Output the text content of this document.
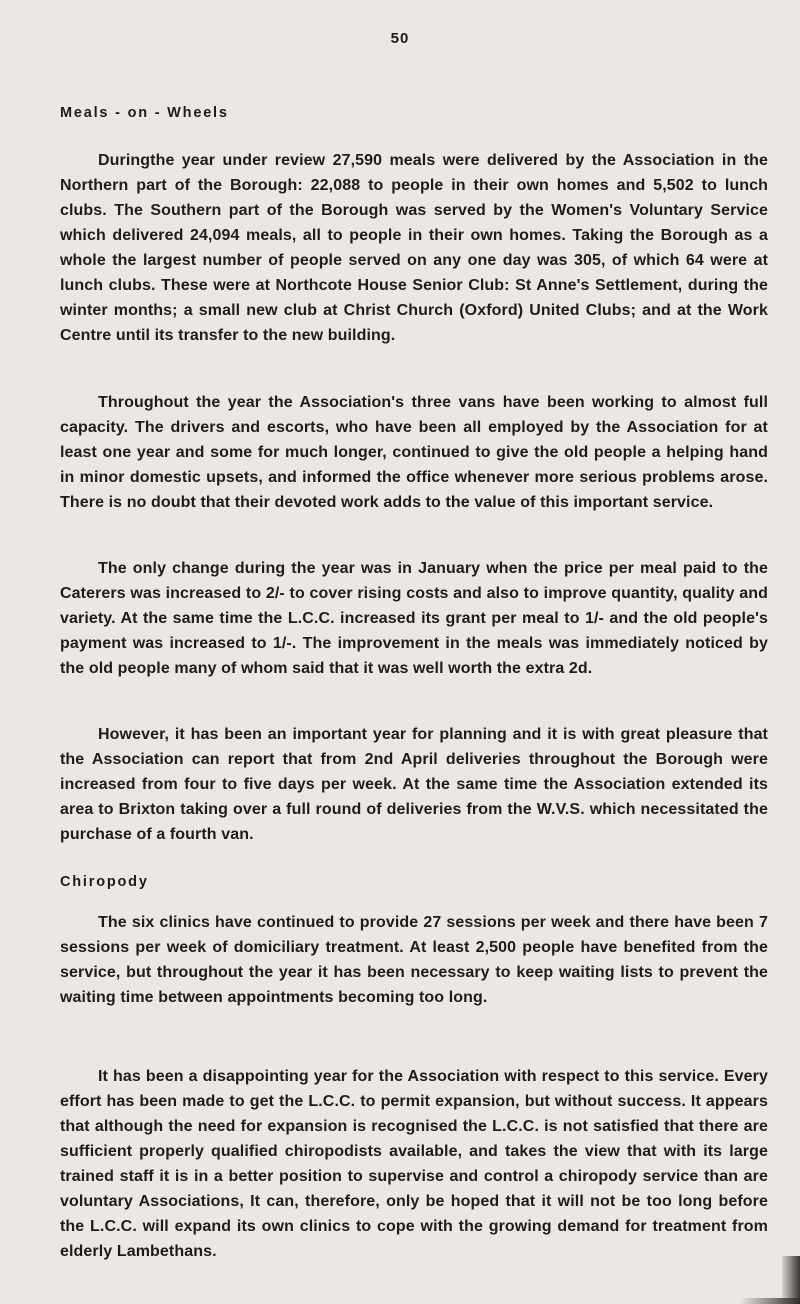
50
Meals - on - Wheels

Duringthe year under review 27,590 meals were delivered by the Association in the Northern part of the Borough: 22,088 to people in their own homes and 5,502 to lunch clubs. The Southern part of the Borough was served by the Women's Voluntary Service which delivered 24,094 meals, all to people in their own homes. Taking the Borough as a whole the largest number of people served on any one day was 305, of which 64 were at lunch clubs. These were at Northcote House Senior Club: St Anne's Settlement, during the winter months; a small new club at Christ Church (Oxford) United Clubs; and at the Work Centre until its transfer to the new building.

Throughout the year the Association's three vans have been working to almost full capacity. The drivers and escorts, who have been all employed by the Association for at least one year and some for much longer, continued to give the old people a helping hand in minor domestic upsets, and informed the office whenever more serious problems arose. There is no doubt that their devoted work adds to the value of this important service.

The only change during the year was in January when the price per meal paid to the Caterers was increased to 2/- to cover rising costs and also to improve quantity, quality and variety. At the same time the L.C.C. increased its grant per meal to 1/- and the old people's payment was increased to 1/-. The improvement in the meals was immediately noticed by the old people many of whom said that it was well worth the extra 2d.

However, it has been an important year for planning and it is with great pleasure that the Association can report that from 2nd April deliveries throughout the Borough were increased from four to five days per week. At the same time the Association extended its area to Brixton taking over a full round of deliveries from the W.V.S. which necessitated the purchase of a fourth van.

Chiropody

The six clinics have continued to provide 27 sessions per week and there have been 7 sessions per week of domiciliary treatment. At least 2,500 people have benefited from the service, but throughout the year it has been necessary to keep waiting lists to prevent the waiting time between appointments becoming too long.

It has been a disappointing year for the Association with respect to this service. Every effort has been made to get the L.C.C. to permit expansion, but without success. It appears that although the need for expansion is recognised the L.C.C. is not satisfied that there are sufficient properly qualified chiropodists available, and takes the view that with its large trained staff it is in a better position to supervise and control a chiropody service than are voluntary Associations, It can, therefore, only be hoped that it will not be too long before the L.C.C. will expand its own clinics to cope with the growing demand for treatment from elderly Lambethans.
